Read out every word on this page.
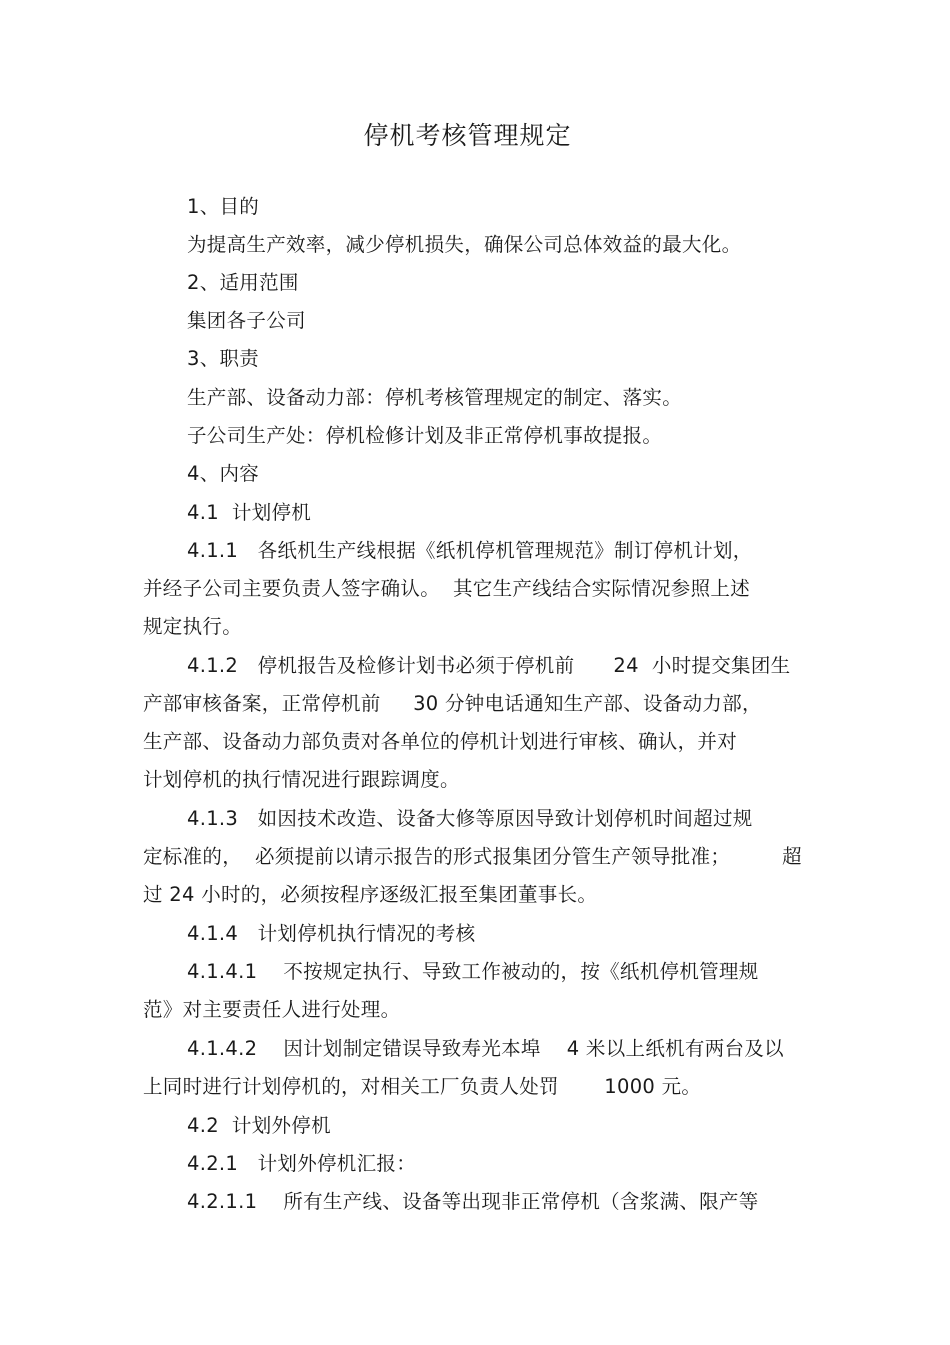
停机考核管理规定
1、目的
为提高生产效率，减少停机损失，确保公司总体效益的最大化。
2、适用范围
集团各子公司
3、职责
生产部、设备动力部：停机考核管理规定的制定、落实。
子公司生产处：停机检修计划及非正常停机事故提报。
4、内容
4.1  计划停机
4.1.1   各纸机生产线根据《纸机停机管理规范》制订停机计划，
并经子公司主要负责人签字确认。  其它生产线结合实际情况参照上述
规定执行。
4.1.2   停机报告及检修计划书必须于停机前      24  小时提交集团生
产部审核备案，正常停机前     30 分钟电话通知生产部、设备动力部，
生产部、设备动力部负责对各单位的停机计划进行审核、确认，并对
计划停机的执行情况进行跟踪调度。
4.1.3   如因技术改造、设备大修等原因导致计划停机时间超过规
定标准的，  必须提前以请示报告的形式报集团分管生产领导批准；        超
过 24 小时的，必须按程序逐级汇报至集团董事长。
4.1.4   计划停机执行情况的考核
4.1.4.1    不按规定执行、导致工作被动的，按《纸机停机管理规
范》对主要责任人进行处理。
4.1.4.2    因计划制定错误导致寿光本埠    4 米以上纸机有两台及以
上同时进行计划停机的，对相关工厂负责人处罚       1000 元。
4.2  计划外停机
4.2.1   计划外停机汇报：
4.2.1.1    所有生产线、设备等出现非正常停机（含浆满、限产等
